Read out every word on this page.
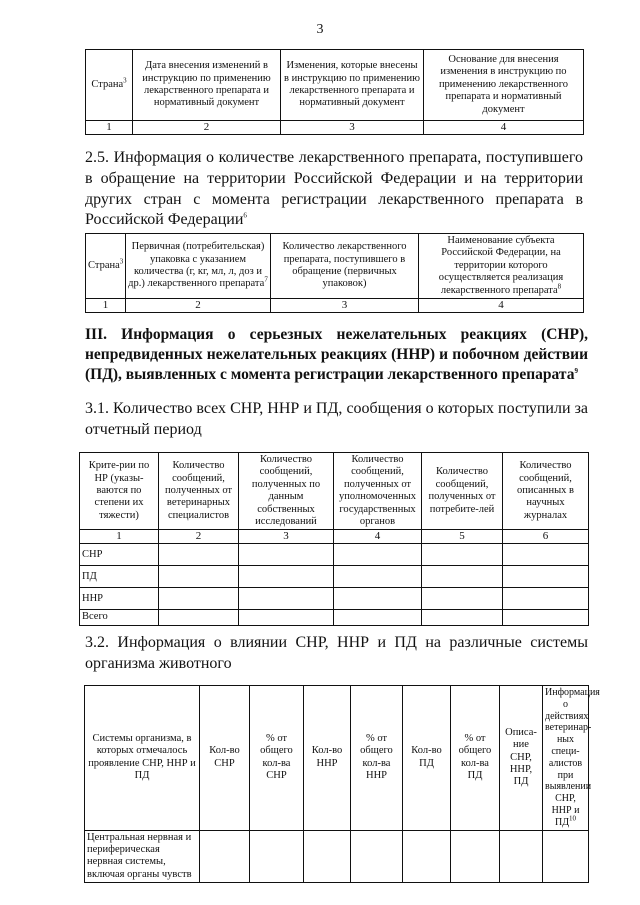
3
Страна$^3$	Дата внесения изменений в инструкцию по применению лекарственного препарата и нормативный документ	Изменения, которые внесены в инструкцию по применению лекарственного препарата и нормативный документ	Основание для внесения изменения в инструкцию по применению лекарственного препарата и нормативный документ
1	2	3	4
2.5. Информация о количестве лекарственного препарата, поступившего в обращение на территории Российской Федерации и на территории других стран с момента регистрации лекарственного препарата в Российской Федерации$^6$
Страна$^3$	Первичная (потребительская) упаковка с указанием количества (г, кг, мл, л, доз и др.) лекарственного препарата$^7$	Количество лекарственного препарата, поступившего в обращение (первичных упаковок)	Наименование субъекта Российской Федерации, на территории которого осуществляется реализация лекарственного препарата$^8$
1	2	3	4
III. Информация о серьезных нежелательных реакциях (СНР), непредвиденных нежелательных реакциях (ННР) и побочном действии (ПД), выявленных с момента регистрации лекарственного препарата$^9$
3.1. Количество всех СНР, ННР и ПД, сообщения о которых поступили за отчетный период
Крите-рии по НР (указы-ваются по степени их тяжести)	Количество сообщений, полученных от ветеринарных специалистов	Количество сообщений, полученных по данным собственных исследований	Количество сообщений, полученных от уполномоченных государственных органов	Количество сообщений, полученных от потребите-лей	Количество сообщений, описанных в научных журналах
1	2	3	4	5	6
СНР					
ПД					
ННР					
Всего					
3.2. Информация о влиянии СНР, ННР и ПД на различные системы организма животного
Системы организма, в которых отмечалось проявление СНР, ННР и ПД	Кол-во СНР	% от общего кол-ва СНР	Кол-во ННР	% от общего кол-ва ННР	Кол-во ПД	% от общего кол-ва ПД	Описа-ние СНР, ННР, ПД	Информация о действиях ветеринар-ных специ-алистов при выявлении СНР, ННР и ПД$^{10}$
Центральная нервная и периферическая нервная системы, включая органы чувств								
